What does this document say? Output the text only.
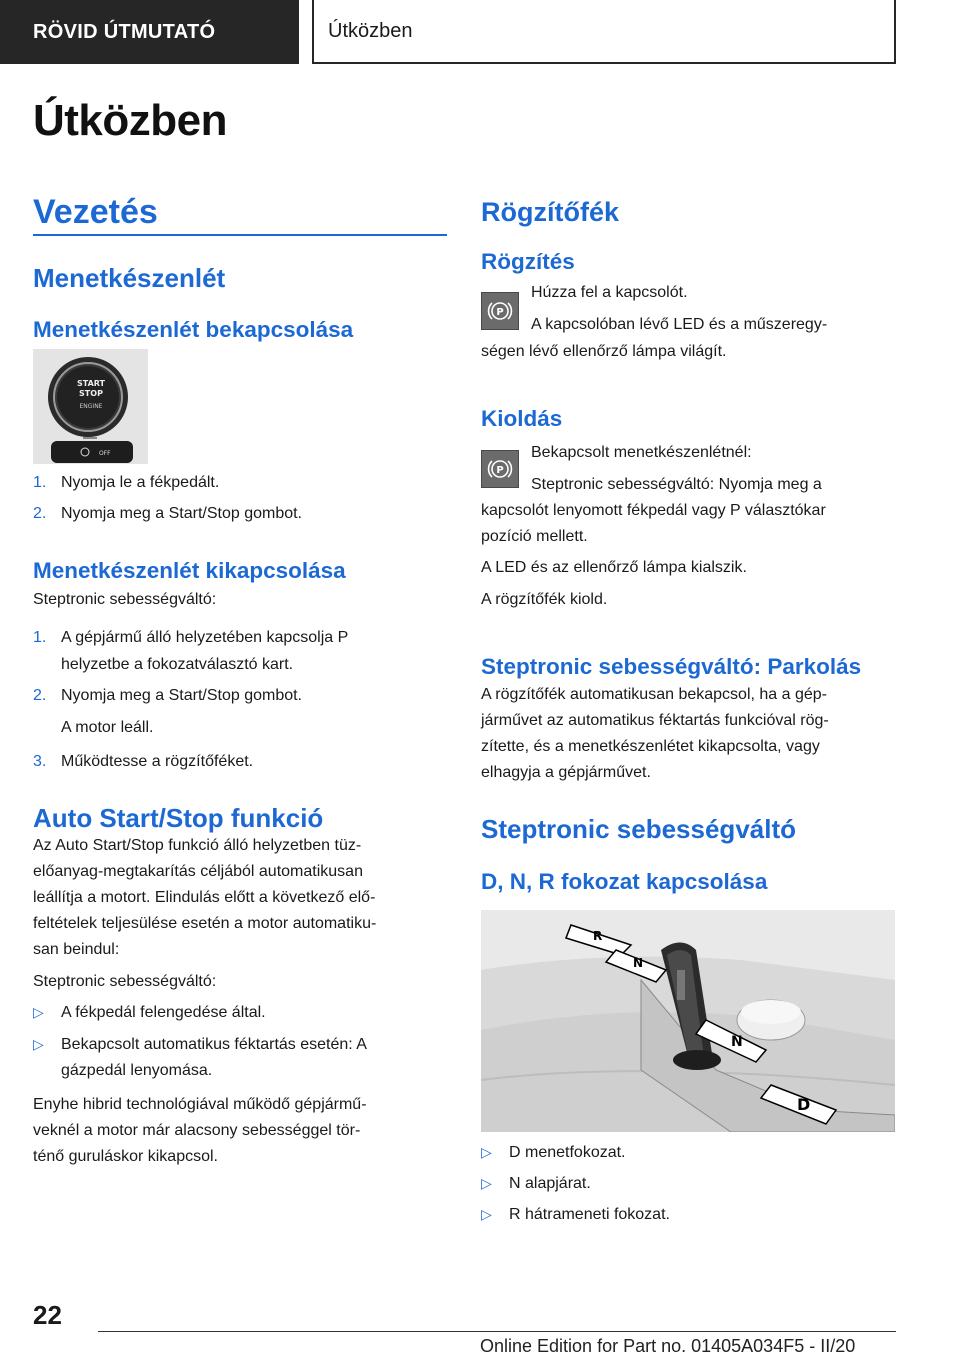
RÖVID ÚTMUTATÓ	Útközben
Útközben
Vezetés
Menetkészenlét
Menetkészenlét bekapcsolása
START
STOP
ENGINE
OFF
1. Nyomja le a fékpedált.

2. Nyomja meg a Start/Stop gombot.

Menetkészenlét kikapcsolása

Steptronic sebességváltó:

1. A gépjármű álló helyzetében kapcsolja P

helyzetbe a fokozatválasztó kart.

2. Nyomja meg a Start/Stop gombot.

A motor leáll.

3. Működtesse a rögzítőféket.

Auto Start/Stop funkció

Az Auto Start/Stop funkció álló helyzetben tüz-

előanyag-megtakarítás céljából automatikusan

leállítja a motort. Elindulás előtt a következő elő-

feltételek teljesülése esetén a motor automatiku-

san beindul:

Steptronic sebességváltó:

▷ A fékpedál felengedése által.

▷ Bekapcsolt automatikus féktartás esetén: A

gázpedál lenyomása.

Enyhe hibrid technológiával működő gépjármű-

veknél a motor már alacsony sebességgel tör-

ténő guruláskor kikapcsol.

Rögzítőfék
Rögzítés
P

Húzza fel a kapcsolót.

A kapcsolóban lévő LED és a műszeregy-

ségen lévő ellenőrző lámpa világít.

Kioldás
P

Bekapcsolt menetkészenlétnél:

Steptronic sebességváltó: Nyomja meg a

kapcsolót lenyomott fékpedál vagy P választókar

pozíció mellett.

A LED és az ellenőrző lámpa kialszik.

A rögzítőfék kiold.

Steptronic sebességváltó: Parkolás

A rögzítőfék automatikusan bekapcsol, ha a gép-

járművet az automatikus féktartás funkcióval rög-

zítette, és a menetkészenlétet kikapcsolta, vagy

elhagyja a gépjárművet.

Steptronic sebességváltó
D, N, R fokozat kapcsolása
R
N
N
D
▷ D menetfokozat.

▷ N alapjárat.

▷ R hátrameneti fokozat.

22
Online Edition for Part no. 01405A034F5 - II/20
